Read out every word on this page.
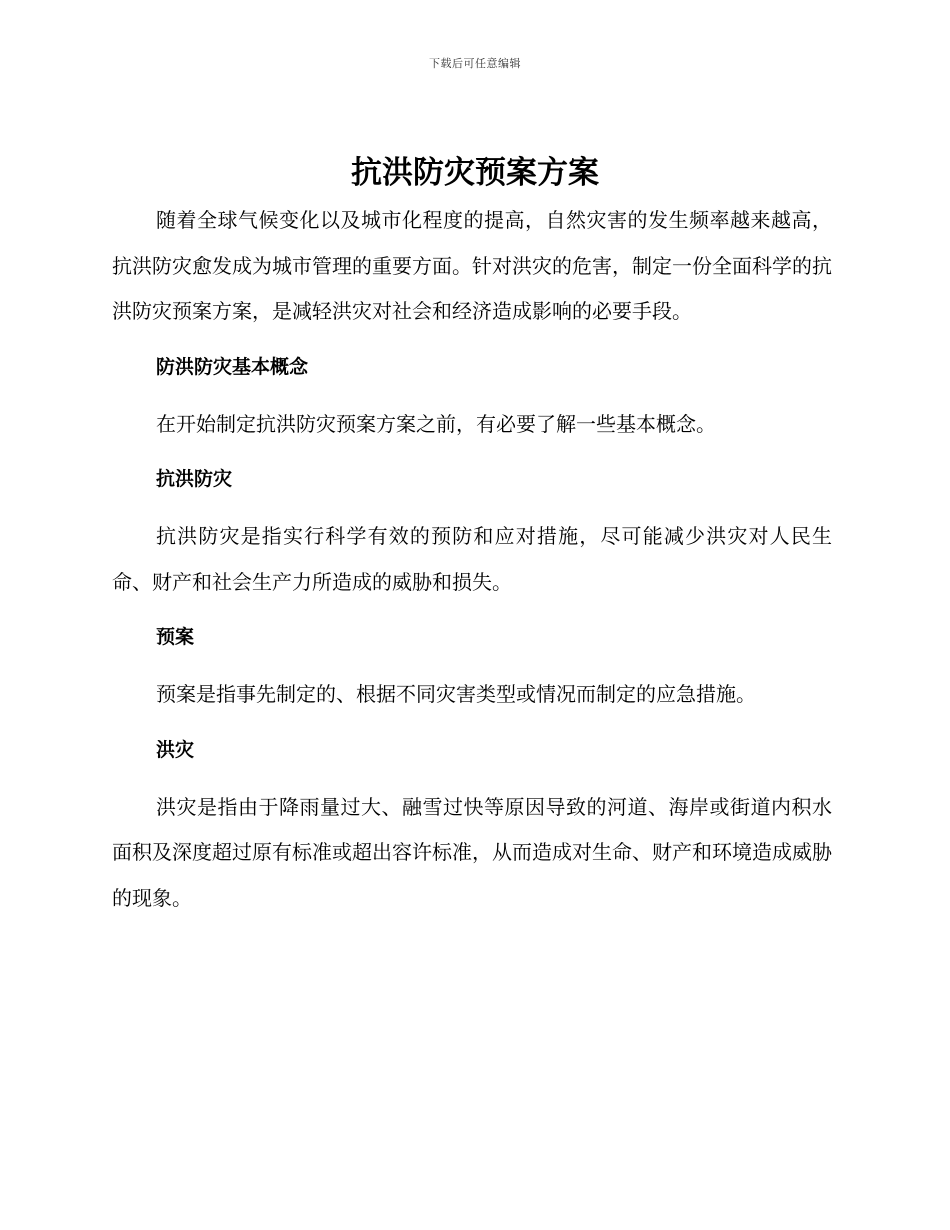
下载后可任意编辑
抗洪防灾预案方案

随着全球气候变化以及城市化程度的提高，自然灾害的发生频率越来越高，抗洪防灾愈发成为城市管理的重要方面。针对洪灾的危害，制定一份全面科学的抗洪防灾预案方案，是减轻洪灾对社会和经济造成影响的必要手段。

防洪防灾基本概念

在开始制定抗洪防灾预案方案之前，有必要了解一些基本概念。

抗洪防灾

抗洪防灾是指实行科学有效的预防和应对措施，尽可能减少洪灾对人民生命、财产和社会生产力所造成的威胁和损失。

预案

预案是指事先制定的、根据不同灾害类型或情况而制定的应急措施。

洪灾

洪灾是指由于降雨量过大、融雪过快等原因导致的河道、海岸或街道内积水面积及深度超过原有标准或超出容许标准，从而造成对生命、财产和环境造成威胁的现象。
